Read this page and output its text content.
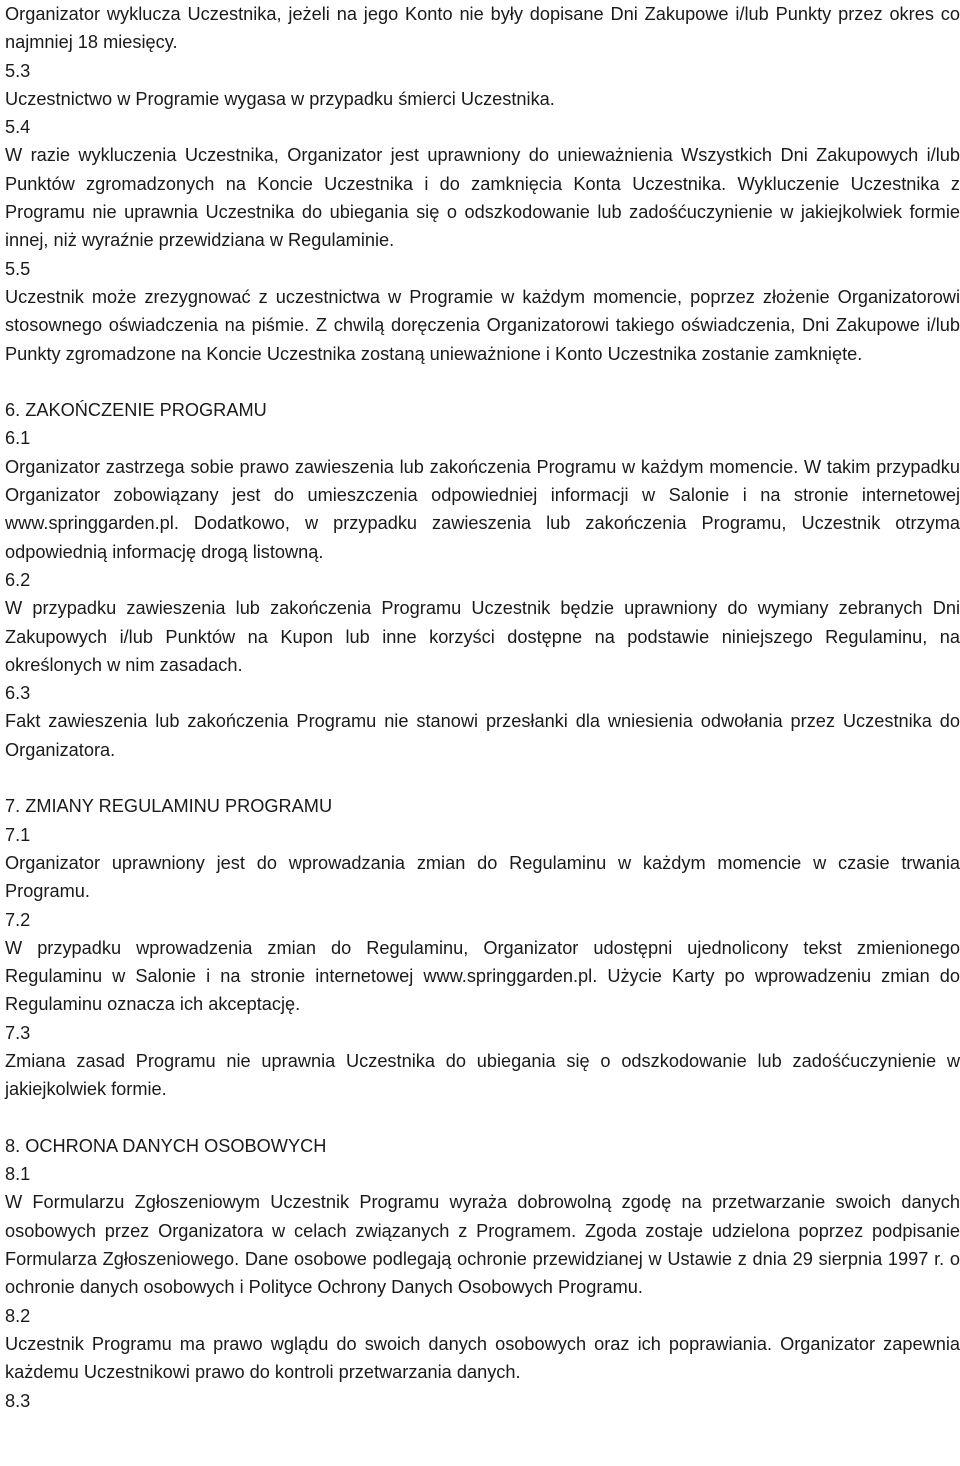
Organizator wyklucza Uczestnika, jeżeli na jego Konto nie były dopisane Dni Zakupowe i/lub Punkty przez okres co najmniej 18 miesięcy.

5.3

Uczestnictwo w Programie wygasa w przypadku śmierci Uczestnika.

5.4

W razie wykluczenia Uczestnika, Organizator jest uprawniony do unieważnienia Wszystkich Dni Zakupowych i/lub Punktów zgromadzonych na Koncie Uczestnika i do zamknięcia Konta Uczestnika. Wykluczenie Uczestnika z Programu nie uprawnia Uczestnika do ubiegania się o odszkodowanie lub zadośćuczynienie w jakiejkolwiek formie innej, niż wyraźnie przewidziana w Regulaminie.

5.5

Uczestnik może zrezygnować z uczestnictwa w Programie w każdym momencie, poprzez złożenie Organizatorowi stosownego oświadczenia na piśmie. Z chwilą doręczenia Organizatorowi takiego oświadczenia, Dni Zakupowe i/lub Punkty zgromadzone na Koncie Uczestnika zostaną unieważnione i Konto Uczestnika zostanie zamknięte.

6. ZAKOŃCZENIE PROGRAMU

6.1

Organizator zastrzega sobie prawo zawieszenia lub zakończenia Programu w każdym momencie. W takim przypadku Organizator zobowiązany jest do umieszczenia odpowiedniej informacji w Salonie i na stronie internetowej www.springgarden.pl. Dodatkowo, w przypadku zawieszenia lub zakończenia Programu, Uczestnik otrzyma odpowiednią informację drogą listowną.

6.2

W przypadku zawieszenia lub zakończenia Programu Uczestnik będzie uprawniony do wymiany zebranych Dni Zakupowych i/lub Punktów na Kupon lub inne korzyści dostępne na podstawie niniejszego Regulaminu, na określonych w nim zasadach.

6.3

Fakt zawieszenia lub zakończenia Programu nie stanowi przesłanki dla wniesienia odwołania przez Uczestnika do Organizatora.

7. ZMIANY REGULAMINU PROGRAMU

7.1

Organizator uprawniony jest do wprowadzania zmian do Regulaminu w każdym momencie w czasie trwania Programu.

7.2

W przypadku wprowadzenia zmian do Regulaminu, Organizator udostępni ujednolicony tekst zmienionego Regulaminu w Salonie i na stronie internetowej www.springgarden.pl. Użycie Karty po wprowadzeniu zmian do Regulaminu oznacza ich akceptację.

7.3

Zmiana zasad Programu nie uprawnia Uczestnika do ubiegania się o odszkodowanie lub zadośćuczynienie w jakiejkolwiek formie.

8. OCHRONA DANYCH OSOBOWYCH

8.1

W Formularzu Zgłoszeniowym Uczestnik Programu wyraża dobrowolną zgodę na przetwarzanie swoich danych osobowych przez Organizatora w celach związanych z Programem. Zgoda zostaje udzielona poprzez podpisanie Formularza Zgłoszeniowego. Dane osobowe podlegają ochronie przewidzianej w Ustawie z dnia 29 sierpnia 1997 r. o ochronie danych osobowych i Polityce Ochrony Danych Osobowych Programu.

8.2

Uczestnik Programu ma prawo wglądu do swoich danych osobowych oraz ich poprawiania. Organizator zapewnia każdemu Uczestnikowi prawo do kontroli przetwarzania danych.

8.3
